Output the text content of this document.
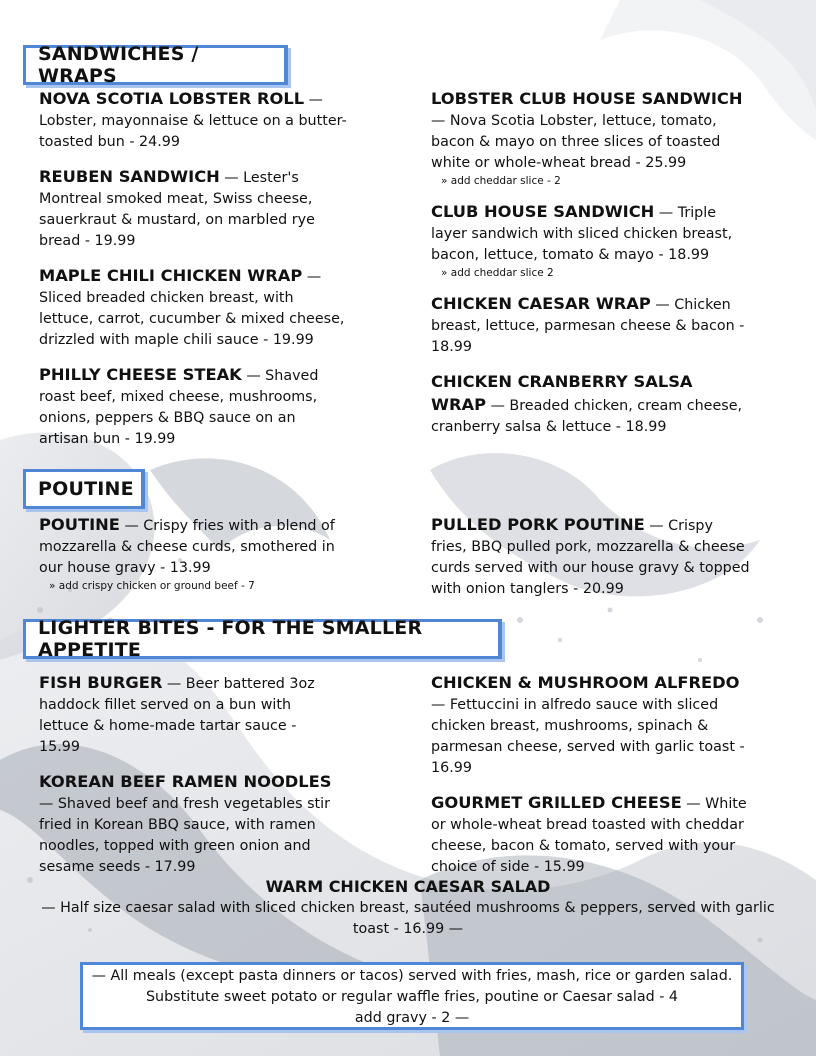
SANDWICHES / WRAPS
NOVA SCOTIA LOBSTER ROLL — Lobster, mayonnaise & lettuce on a butter-toasted bun - 24.99
REUBEN SANDWICH — Lester's Montreal smoked meat, Swiss cheese, sauerkraut & mustard, on marbled rye bread - 19.99
MAPLE CHILI CHICKEN WRAP — Sliced breaded chicken breast, with lettuce, carrot, cucumber & mixed cheese, drizzled with maple chili sauce - 19.99
PHILLY CHEESE STEAK — Shaved roast beef, mixed cheese, mushrooms, onions, peppers & BBQ sauce on an artisan bun - 19.99
LOBSTER CLUB HOUSE SANDWICH — Nova Scotia Lobster, lettuce, tomato, bacon & mayo on three slices of toasted white or whole-wheat bread - 25.99
» add cheddar slice - 2
CLUB HOUSE SANDWICH — Triple layer sandwich with sliced chicken breast, bacon, lettuce, tomato & mayo - 18.99
» add cheddar slice 2
CHICKEN CAESAR WRAP — Chicken breast, lettuce, parmesan cheese & bacon - 18.99
CHICKEN CRANBERRY SALSA WRAP — Breaded chicken, cream cheese, cranberry salsa & lettuce - 18.99
POUTINE
POUTINE — Crispy fries with a blend of mozzarella & cheese curds, smothered in our house gravy - 13.99
» add crispy chicken or ground beef - 7
PULLED PORK POUTINE — Crispy fries, BBQ pulled pork, mozzarella & cheese curds served with our house gravy & topped with onion tanglers - 20.99
LIGHTER BITES - FOR THE SMALLER APPETITE
FISH BURGER — Beer battered 3oz haddock fillet served on a bun with lettuce & home-made tartar sauce - 15.99
KOREAN BEEF RAMEN NOODLES — Shaved beef and fresh vegetables stir fried in Korean BBQ sauce, with ramen noodles, topped with green onion and sesame seeds - 17.99
CHICKEN & MUSHROOM ALFREDO — Fettuccini in alfredo sauce with sliced chicken breast, mushrooms, spinach & parmesan cheese, served with garlic toast - 16.99
GOURMET GRILLED CHEESE — White or whole-wheat bread toasted with cheddar cheese, bacon & tomato, served with your choice of side - 15.99
WARM CHICKEN CAESAR SALAD
— Half size caesar salad with sliced chicken breast, sautéed mushrooms & peppers, served with garlic toast - 16.99 —
— All meals (except pasta dinners or tacos) served with fries, mash, rice or garden salad.
Substitute sweet potato or regular waffle fries, poutine or Caesar salad - 4
add gravy - 2 —
